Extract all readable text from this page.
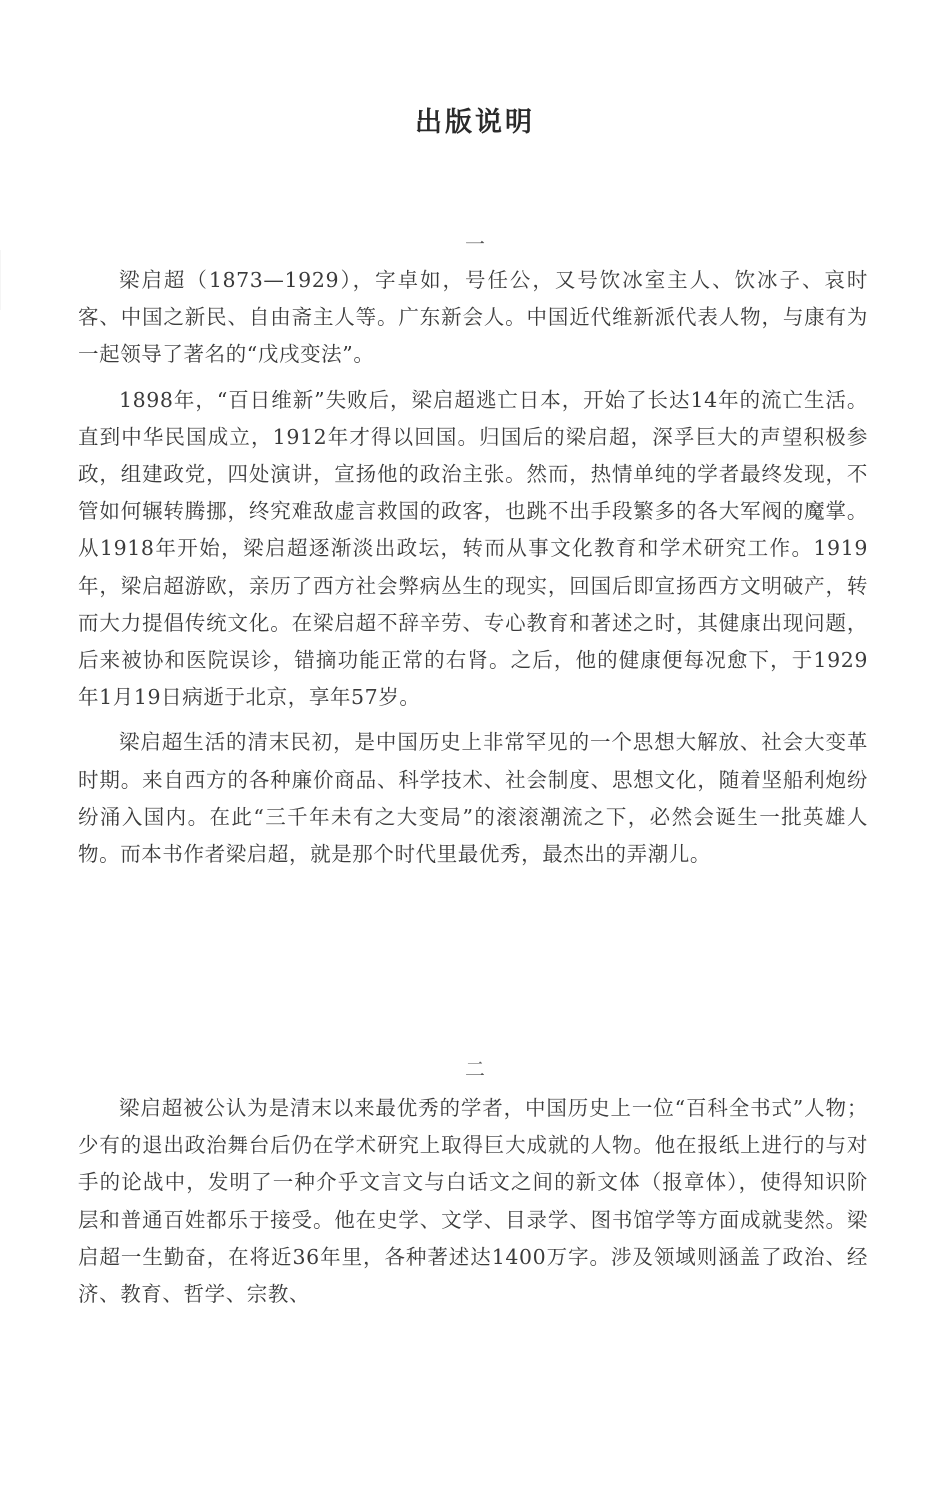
出版说明
一

梁启超（1873—1929），字卓如，号任公，又号饮冰室主人、饮冰子、哀时客、中国之新民、自由斋主人等。广东新会人。中国近代维新派代表人物，与康有为一起领导了著名的“戊戌变法”。

1898年，“百日维新”失败后，梁启超逃亡日本，开始了长达14年的流亡生活。直到中华民国成立，1912年才得以回国。归国后的梁启超，深孚巨大的声望积极参政，组建政党，四处演讲，宣扬他的政治主张。然而，热情单纯的学者最终发现，不管如何辗转腾挪，终究难敌虚言救国的政客，也跳不出手段繁多的各大军阀的魔掌。从1918年开始，梁启超逐渐淡出政坛，转而从事文化教育和学术研究工作。1919年，梁启超游欧，亲历了西方社会弊病丛生的现实，回国后即宣扬西方文明破产，转而大力提倡传统文化。在梁启超不辞辛劳、专心教育和著述之时，其健康出现问题，后来被协和医院误诊，错摘功能正常的右肾。之后，他的健康便每况愈下，于1929年1月19日病逝于北京，享年57岁。

梁启超生活的清末民初，是中国历史上非常罕见的一个思想大解放、社会大变革时期。来自西方的各种廉价商品、科学技术、社会制度、思想文化，随着坚船利炮纷纷涌入国内。在此“三千年未有之大变局”的滚滚潮流之下，必然会诞生一批英雄人物。而本书作者梁启超，就是那个时代里最优秀，最杰出的弄潮儿。

二

梁启超被公认为是清末以来最优秀的学者，中国历史上一位“百科全书式”人物；少有的退出政治舞台后仍在学术研究上取得巨大成就的人物。他在报纸上进行的与对手的论战中，发明了一种介乎文言文与白话文之间的新文体（报章体），使得知识阶层和普通百姓都乐于接受。他在史学、文学、目录学、图书馆学等方面成就斐然。梁启超一生勤奋，在将近36年里，各种著述达1400万字。涉及领域则涵盖了政治、经济、教育、哲学、宗教、
